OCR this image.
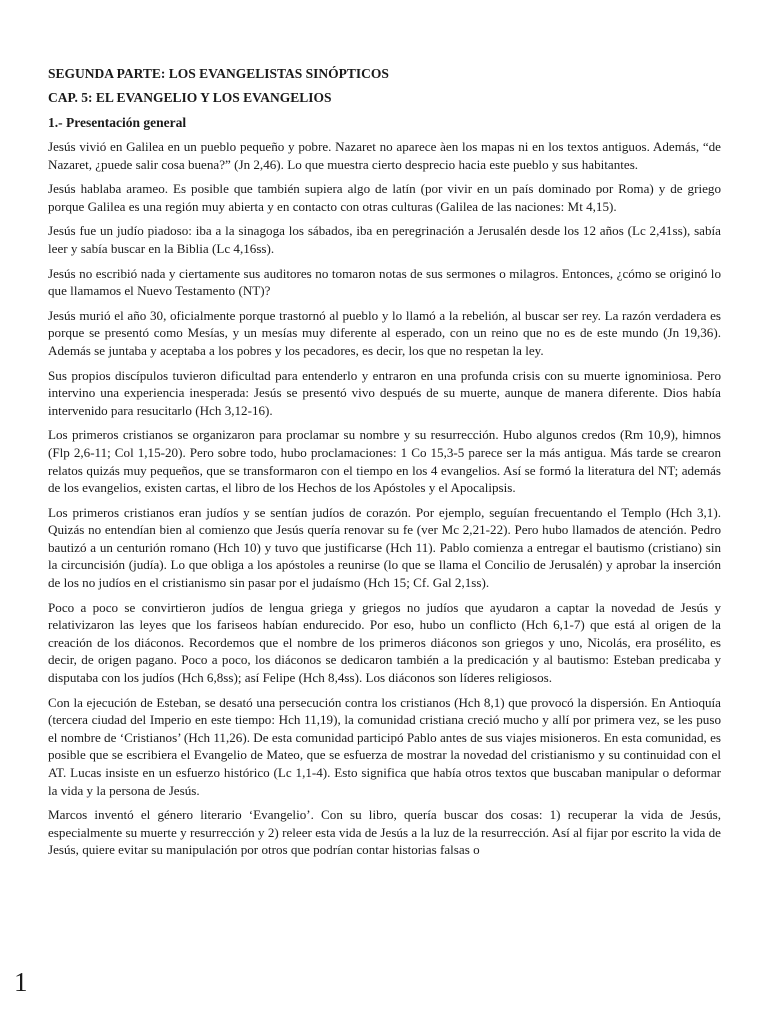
SEGUNDA PARTE: LOS EVANGELISTAS SINÓPTICOS
CAP. 5: EL EVANGELIO Y LOS EVANGELIOS
1.- Presentación general

Jesús vivió en Galilea en un pueblo pequeño y pobre. Nazaret no aparece àen los mapas ni en los textos antiguos. Además, “de Nazaret, ¿puede salir cosa buena?” (Jn 2,46). Lo que muestra cierto desprecio hacia este pueblo y sus habitantes.

Jesús hablaba arameo. Es posible que también supiera algo de latín (por vivir en un país dominado por Roma) y de griego porque Galilea es una región muy abierta y en contacto con otras culturas (Galilea de las naciones: Mt 4,15).

Jesús fue un judío piadoso: iba a la sinagoga los sábados, iba en peregrinación a Jerusalén desde los 12 años (Lc 2,41ss), sabía leer y sabía buscar en la Biblia (Lc 4,16ss).

Jesús no escribió nada y ciertamente sus auditores no tomaron notas de sus sermones o milagros. Entonces, ¿cómo se originó lo que llamamos el Nuevo Testamento (NT)?

Jesús murió el año 30, oficialmente porque trastornó al pueblo y lo llamó a la rebelión, al buscar ser rey. La razón verdadera es porque se presentó como Mesías, y un mesías muy diferente al esperado, con un reino que no es de este mundo (Jn 19,36). Además se juntaba y aceptaba a los pobres y los pecadores, es decir, los que no respetan la ley.

Sus propios discípulos tuvieron dificultad para entenderlo y entraron en una profunda crisis con su muerte ignominiosa. Pero intervino una experiencia inesperada: Jesús se presentó vivo después de su muerte, aunque de manera diferente. Dios había intervenido para resucitarlo (Hch 3,12-16).

Los primeros cristianos se organizaron para proclamar su nombre y su resurrección. Hubo algunos credos (Rm 10,9), himnos (Flp 2,6-11; Col 1,15-20). Pero sobre todo, hubo proclamaciones: 1 Co 15,3-5 parece ser la más antigua. Más tarde se crearon relatos quizás muy pequeños, que se transformaron con el tiempo en los 4 evangelios. Así se formó la literatura del NT; además de los evangelios, existen cartas, el libro de los Hechos de los Apóstoles y el Apocalipsis.

Los primeros cristianos eran judíos y se sentían judíos de corazón. Por ejemplo, seguían frecuentando el Templo (Hch 3,1). Quizás no entendían bien al comienzo que Jesús quería renovar su fe (ver Mc 2,21-22). Pero hubo llamados de atención. Pedro bautizó a un centurión romano (Hch 10) y tuvo que justificarse (Hch 11). Pablo comienza a entregar el bautismo (cristiano) sin la circuncisión (judía). Lo que obliga a los apóstoles a reunirse (lo que se llama el Concilio de Jerusalén) y aprobar la inserción de los no judíos en el cristianismo sin pasar por el judaísmo (Hch 15; Cf. Gal 2,1ss).

Poco a poco se convirtieron judíos de lengua griega y griegos no judíos que ayudaron a captar la novedad de Jesús y relativizaron las leyes que los fariseos habían endurecido. Por eso, hubo un conflicto (Hch 6,1-7) que está al origen de la creación de los diáconos. Recordemos que el nombre de los primeros diáconos son griegos y uno, Nicolás, era prosélito, es decir, de origen pagano. Poco a poco, los diáconos se dedicaron también a la predicación y al bautismo: Esteban predicaba y disputaba con los judíos (Hch 6,8ss); así Felipe (Hch 8,4ss). Los diáconos son líderes religiosos.

Con la ejecución de Esteban, se desató una persecución contra los cristianos (Hch 8,1) que provocó la dispersión. En Antioquía (tercera ciudad del Imperio en este tiempo: Hch 11,19), la comunidad cristiana creció mucho y allí por primera vez, se les puso el nombre de ‘Cristianos’ (Hch 11,26). De esta comunidad participó Pablo antes de sus viajes misioneros. En esta comunidad, es posible que se escribiera el Evangelio de Mateo, que se esfuerza de mostrar la novedad del cristianismo y su continuidad con el AT. Lucas insiste en un esfuerzo histórico (Lc 1,1-4). Esto significa que había otros textos que buscaban manipular o deformar la vida y la persona de Jesús.

Marcos inventó el género literario ‘Evangelio’. Con su libro, quería buscar dos cosas: 1) recuperar la vida de Jesús, especialmente su muerte y resurrección y 2) releer esta vida de Jesús a la luz de la resurrección. Así al fijar por escrito la vida de Jesús, quiere evitar su manipulación por otros que podrían contar historias falsas o

1
